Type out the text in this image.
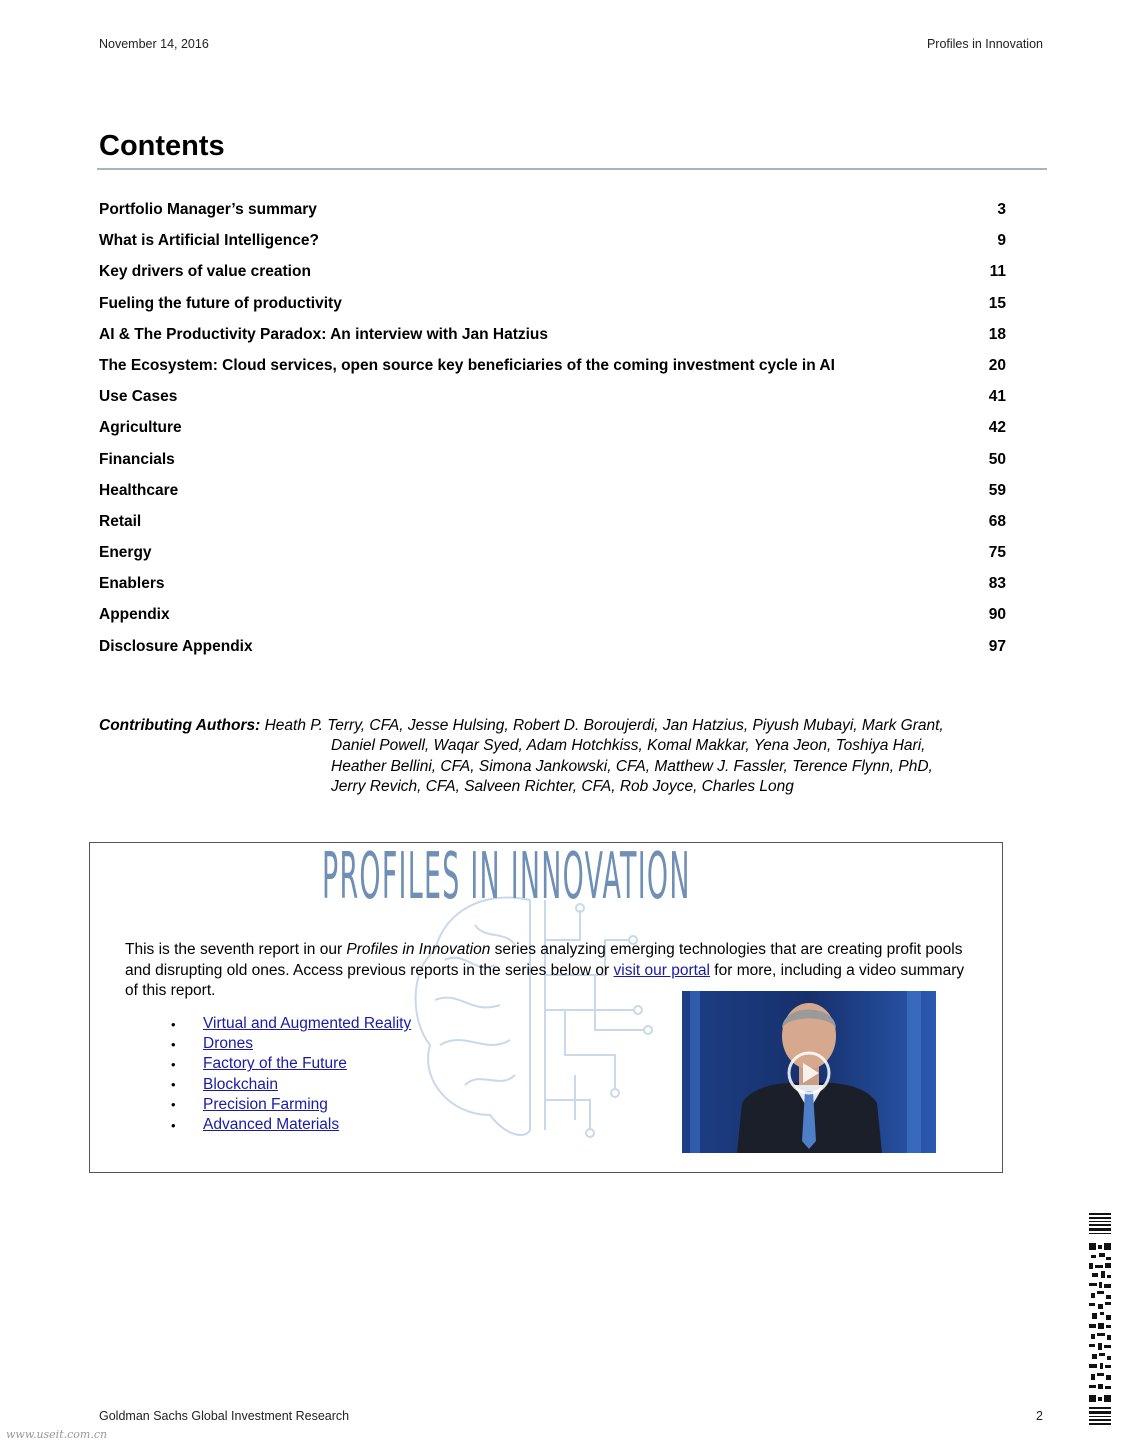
November 14, 2016	Profiles in Innovation
Contents
Portfolio Manager’s summary	3
What is Artificial Intelligence?	9
Key drivers of value creation	11
Fueling the future of productivity	15
AI & The Productivity Paradox: An interview with Jan Hatzius	18
The Ecosystem: Cloud services, open source key beneficiaries of the coming investment cycle in AI	20
Use Cases	41
Agriculture	42
Financials	50
Healthcare	59
Retail	68
Energy	75
Enablers	83
Appendix	90
Disclosure Appendix	97
Contributing Authors: Heath P. Terry, CFA, Jesse Hulsing, Robert D. Boroujerdi, Jan Hatzius, Piyush Mubayi, Mark Grant,
Daniel Powell, Waqar Syed, Adam Hotchkiss, Komal Makkar, Yena Jeon, Toshiya Hari,
Heather Bellini, CFA, Simona Jankowski, CFA, Matthew J. Fassler, Terence Flynn, PhD,
Jerry Revich, CFA, Salveen Richter, CFA, Rob Joyce, Charles Long
PROFILES IN INNOVATION
This is the seventh report in our Profiles in Innovation series analyzing emerging technologies that are creating profit pools and disrupting old ones. Access previous reports in the series below or visit our portal for more, including a video summary of this report.
•	Virtual and Augmented Reality
•	Drones
•	Factory of the Future
•	Blockchain
•	Precision Farming
•	Advanced Materials
Goldman Sachs Global Investment Research	2
www.useit.com.cn
